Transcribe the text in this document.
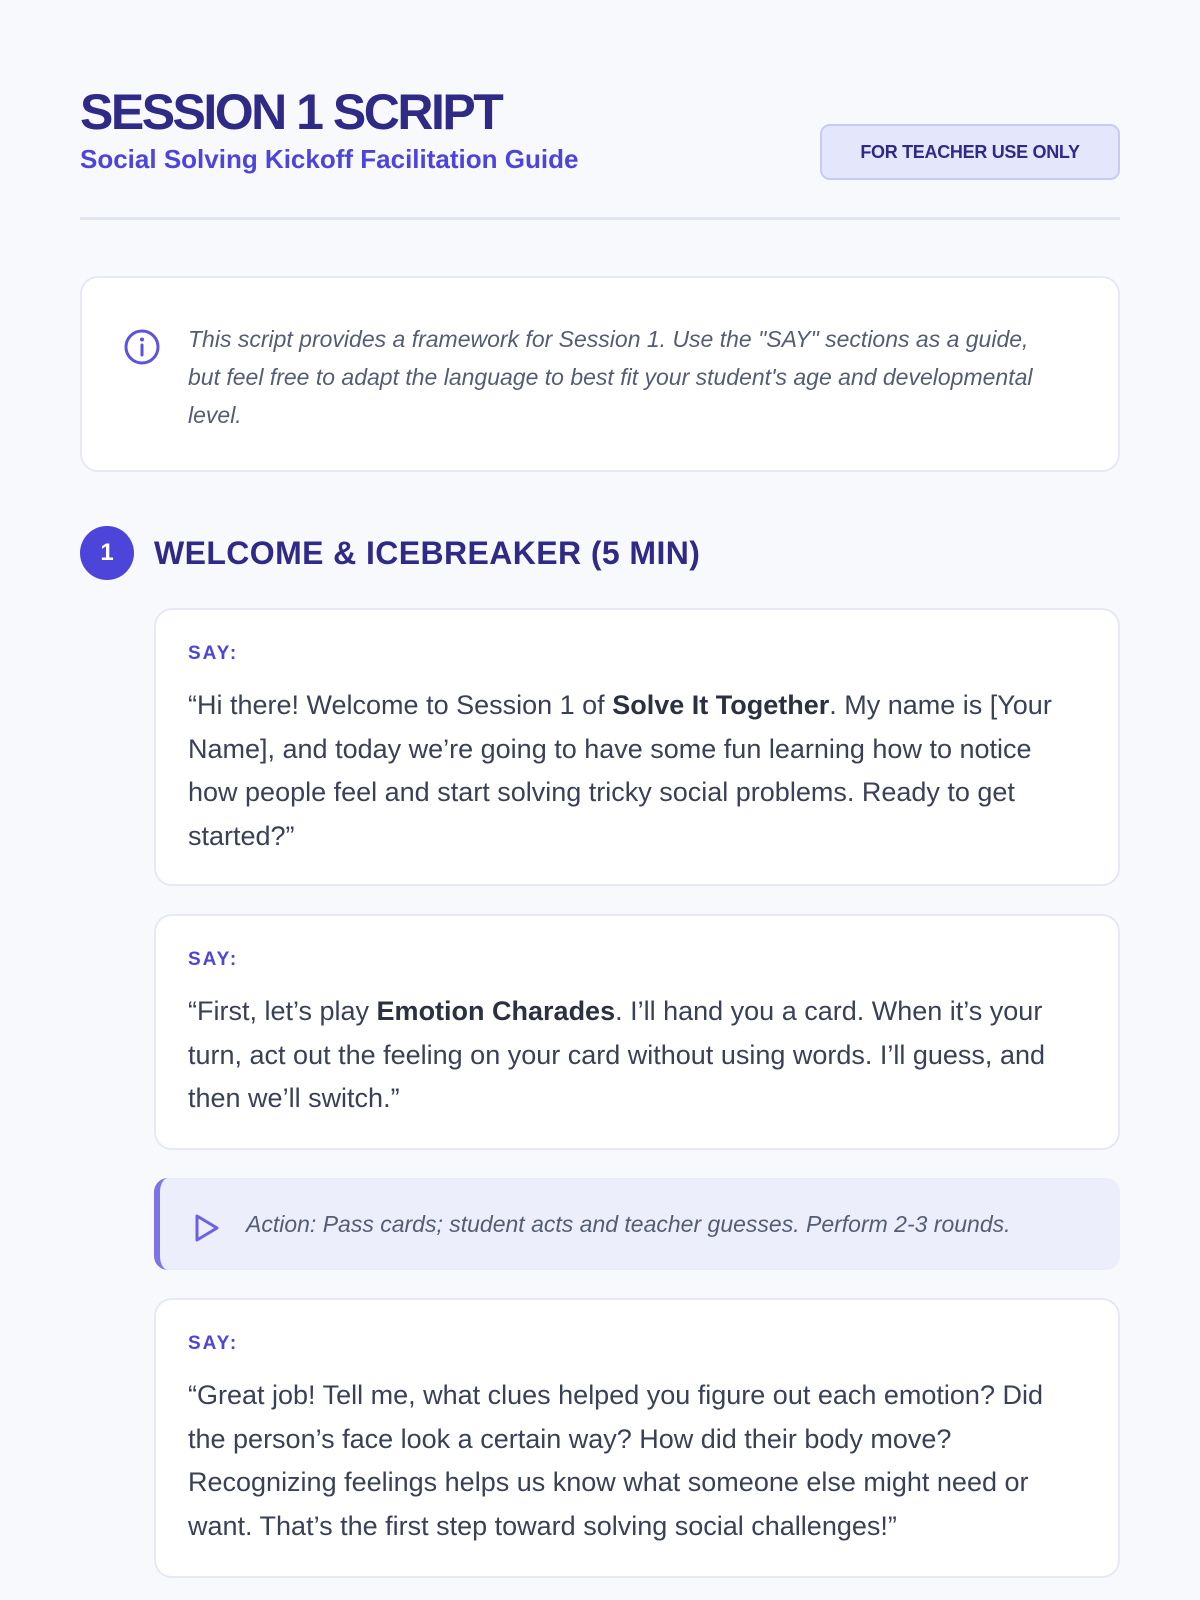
SESSION 1 SCRIPT
Social Solving Kickoff Facilitation Guide	FOR TEACHER USE ONLY
This script provides a framework for Session 1. Use the "SAY" sections as a guide, but feel free to adapt the language to best fit your student's age and developmental level.
1	WELCOME & ICEBREAKER (5 MIN)
SAY:
“Hi there! Welcome to Session 1 of Solve It Together. My name is [Your Name], and today we’re going to have some fun learning how to notice how people feel and start solving tricky social problems. Ready to get started?”
SAY:
“First, let’s play Emotion Charades. I’ll hand you a card. When it’s your turn, act out the feeling on your card without using words. I’ll guess, and then we’ll switch.”
Action: Pass cards; student acts and teacher guesses. Perform 2-3 rounds.
SAY:
“Great job! Tell me, what clues helped you figure out each emotion? Did the person’s face look a certain way? How did their body move? Recognizing feelings helps us know what someone else might need or want. That’s the first step toward solving social challenges!”
